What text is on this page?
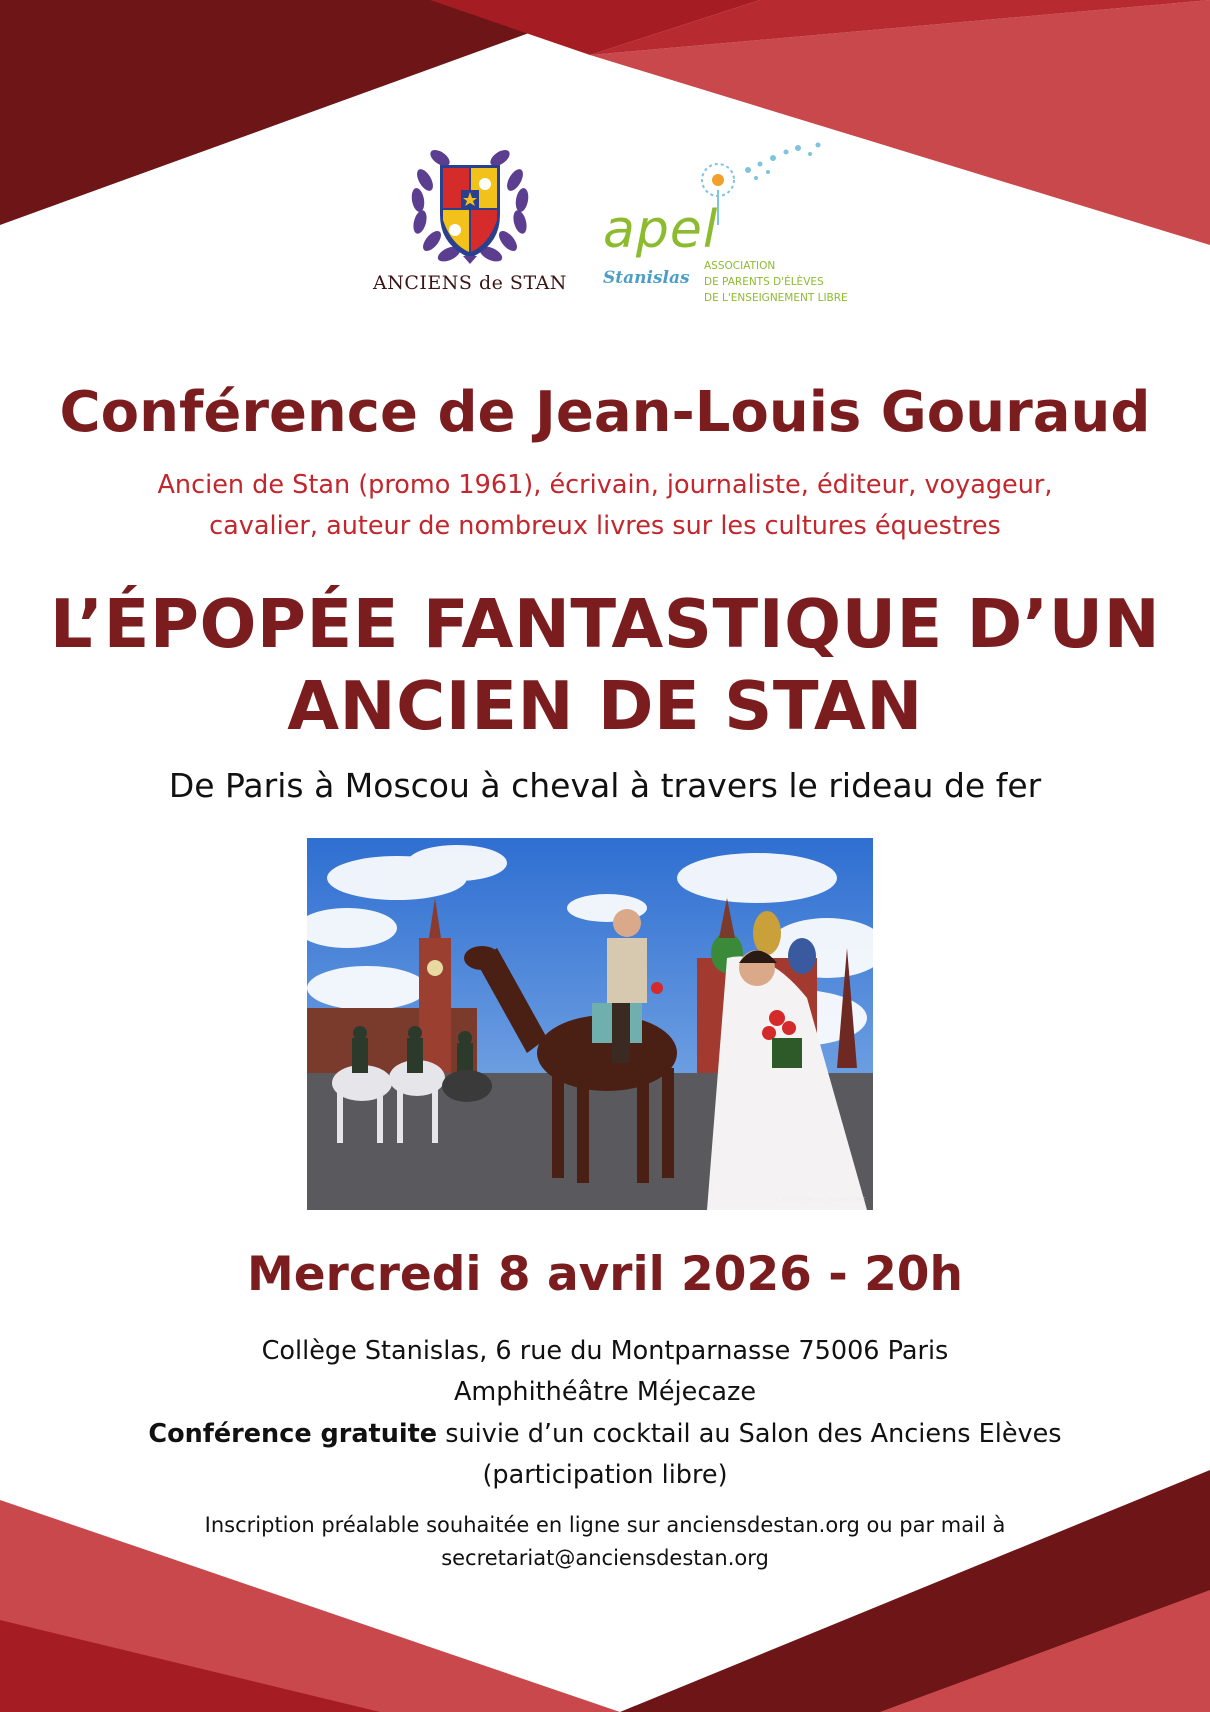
ANCIENS de STAN
apel
Stanislas
ASSOCIATION
DE PARENTS D'ÉLÈVES
DE L'ENSEIGNEMENT LIBRE
Conférence de Jean-Louis Gouraud
Ancien de Stan (promo 1961), écrivain, journaliste, éditeur, voyageur,
cavalier, auteur de nombreux livres sur les cultures équestres
L’ÉPOPÉE FANTASTIQUE D’UN
ANCIEN DE STAN
De Paris à Moscou à cheval à travers le rideau de fer
© BLOG CHEVAL D'AVENTURE
Mercredi 8 avril 2026 - 20h
Collège Stanislas, 6 rue du Montparnasse 75006 Paris
Amphithéâtre Méjecaze
Conférence gratuite suivie d’un cocktail au Salon des Anciens Elèves
(participation libre)
Inscription préalable souhaitée en ligne sur anciensdestan.org ou par mail à
secretariat@anciensdestan.org
